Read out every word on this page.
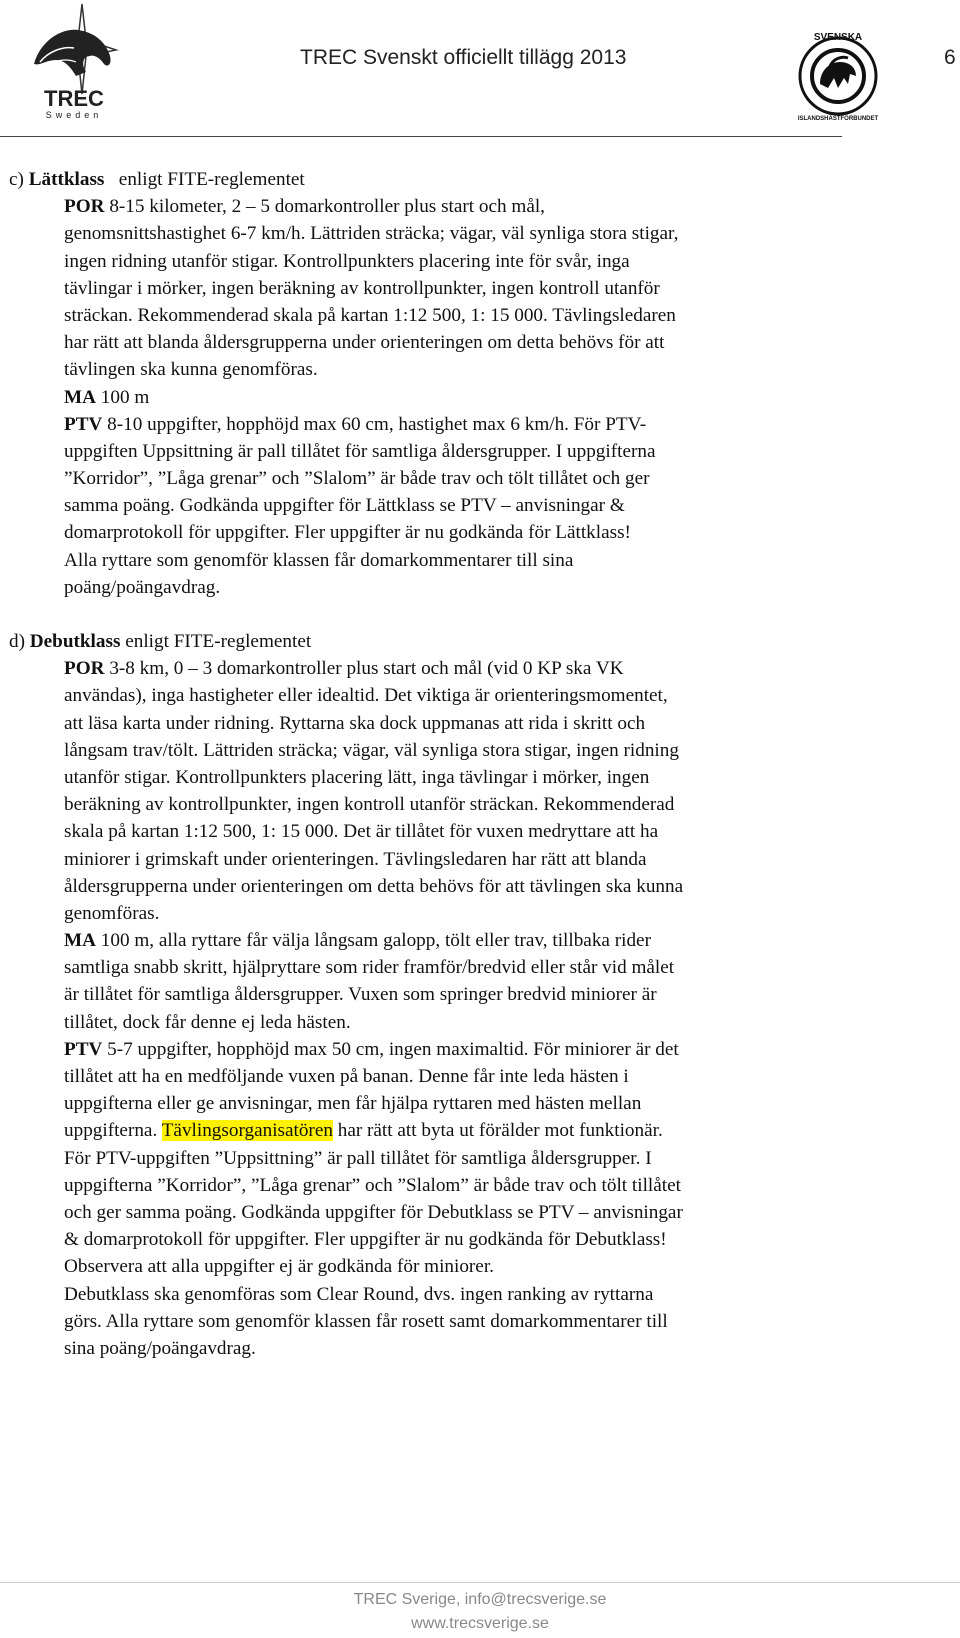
TREC
Sweden
TREC Svenskt officiellt tillägg 2013
SVENSKA
ISLANDSHÄSTFÖRBUNDET
6
c) Lättklass   enligt FITE-reglementet
POR 8-15 kilometer, 2 – 5 domarkontroller plus start och mål,
genomsnittshastighet 6-7 km/h. Lättriden sträcka; vägar, väl synliga stora stigar,
ingen ridning utanför stigar. Kontrollpunkters placering inte för svår, inga
tävlingar i mörker, ingen beräkning av kontrollpunkter, ingen kontroll utanför
sträckan. Rekommenderad skala på kartan 1:12 500, 1: 15 000. Tävlingsledaren
har rätt att blanda åldersgrupperna under orienteringen om detta behövs för att
tävlingen ska kunna genomföras.
MA 100 m
PTV 8-10 uppgifter, hopphöjd max 60 cm, hastighet max 6 km/h. För PTV-
uppgiften Uppsittning är pall tillåtet för samtliga åldersgrupper. I uppgifterna
”Korridor”, ”Låga grenar” och ”Slalom” är både trav och tölt tillåtet och ger
samma poäng. Godkända uppgifter för Lättklass se PTV – anvisningar &
domarprotokoll för uppgifter. Fler uppgifter är nu godkända för Lättklass!
Alla ryttare som genomför klassen får domarkommentarer till sina
poäng/poängavdrag.
d) Debutklass enligt FITE-reglementet
POR 3-8 km, 0 – 3 domarkontroller plus start och mål (vid 0 KP ska VK
användas), inga hastigheter eller idealtid. Det viktiga är orienteringsmomentet,
att läsa karta under ridning. Ryttarna ska dock uppmanas att rida i skritt och
långsam trav/tölt. Lättriden sträcka; vägar, väl synliga stora stigar, ingen ridning
utanför stigar. Kontrollpunkters placering lätt, inga tävlingar i mörker, ingen
beräkning av kontrollpunkter, ingen kontroll utanför sträckan. Rekommenderad
skala på kartan 1:12 500, 1: 15 000. Det är tillåtet för vuxen medryttare att ha
miniorer i grimskaft under orienteringen. Tävlingsledaren har rätt att blanda
åldersgrupperna under orienteringen om detta behövs för att tävlingen ska kunna
genomföras.
MA 100 m, alla ryttare får välja långsam galopp, tölt eller trav, tillbaka rider
samtliga snabb skritt, hjälpryttare som rider framför/bredvid eller står vid målet
är tillåtet för samtliga åldersgrupper. Vuxen som springer bredvid miniorer är
tillåtet, dock får denne ej leda hästen.
PTV 5-7 uppgifter, hopphöjd max 50 cm, ingen maximaltid. För miniorer är det
tillåtet att ha en medföljande vuxen på banan. Denne får inte leda hästen i
uppgifterna eller ge anvisningar, men får hjälpa ryttaren med hästen mellan
uppgifterna. Tävlingsorganisatören har rätt att byta ut förälder mot funktionär.
För PTV-uppgiften ”Uppsittning” är pall tillåtet för samtliga åldersgrupper. I
uppgifterna ”Korridor”, ”Låga grenar” och ”Slalom” är både trav och tölt tillåtet
och ger samma poäng. Godkända uppgifter för Debutklass se PTV – anvisningar
& domarprotokoll för uppgifter. Fler uppgifter är nu godkända för Debutklass!
Observera att alla uppgifter ej är godkända för miniorer.
Debutklass ska genomföras som Clear Round, dvs. ingen ranking av ryttarna
görs. Alla ryttare som genomför klassen får rosett samt domarkommentarer till
sina poäng/poängavdrag.
TREC Sverige, info@trecsverige.se
www.trecsverige.se
